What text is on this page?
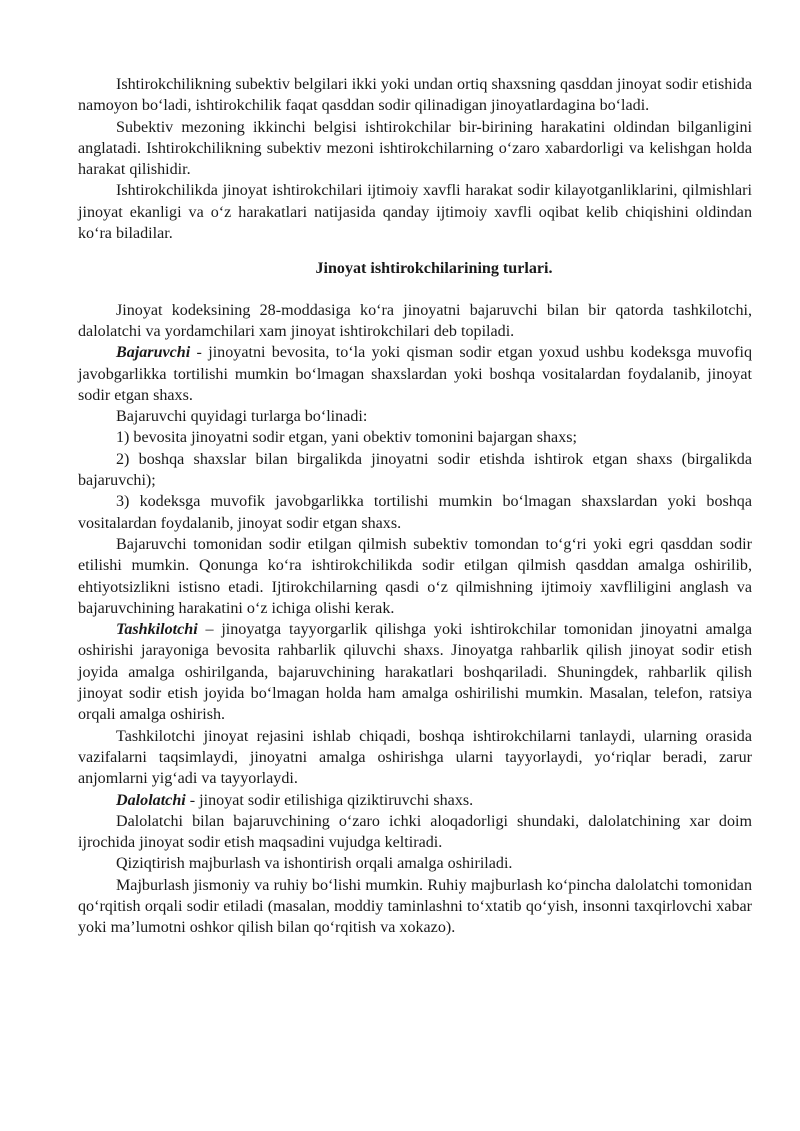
Ishtirokchilikning subektiv belgilari ikki yoki undan ortiq shaxsning qasddan jinoyat sodir etishida namoyon bo‘ladi, ishtirokchilik faqat qasddan sodir qilinadigan jinoyatlardagina bo‘ladi.

Subektiv mezoning ikkinchi belgisi ishtirokchilar bir-birining harakatini oldindan bilganligini anglatadi. Ishtirokchilikning subektiv mezoni ishtirokchilarning o‘zaro xabardorligi va kelishgan holda harakat qilishidir.

Ishtirokchilikda jinoyat ishtirokchilari ijtimoiy xavfli harakat sodir kilayotganliklarini, qilmishlari jinoyat ekanligi va o‘z harakatlari natijasida qanday ijtimoiy xavfli oqibat kelib chiqishini oldindan ko‘ra biladilar.

Jinoyat ishtirokchilarining turlari.

Jinoyat kodeksining 28-moddasiga ko‘ra jinoyatni bajaruvchi bilan bir qatorda tashkilotchi, dalolatchi va yordamchilari xam jinoyat ishtirokchilari deb topiladi.

Bajaruvchi - jinoyatni bevosita, to‘la yoki qisman sodir etgan yoxud ushbu kodeksga muvofiq javobgarlikka tortilishi mumkin bo‘lmagan shaxslardan yoki boshqa vositalardan foydalanib, jinoyat sodir etgan shaxs.

Bajaruvchi quyidagi turlarga bo‘linadi:

1) bevosita jinoyatni sodir etgan, yani obektiv tomonini bajargan shaxs;

2) boshqa shaxslar bilan birgalikda jinoyatni sodir etishda ishtirok etgan shaxs (birgalikda bajaruvchi);

3) kodeksga muvofik javobgarlikka tortilishi mumkin bo‘lmagan shaxslardan yoki boshqa vositalardan foydalanib, jinoyat sodir etgan shaxs.

Bajaruvchi tomonidan sodir etilgan qilmish subektiv tomondan to‘g‘ri yoki egri qasddan sodir etilishi mumkin. Qonunga ko‘ra ishtirokchilikda sodir etilgan qilmish qasddan amalga oshirilib, ehtiyotsizlikni istisno etadi. Ijtirokchilarning qasdi o‘z qilmishning ijtimoiy xavfliligini anglash va bajaruvchining harakatini o‘z ichiga olishi kerak.

Tashkilotchi – jinoyatga tayyorgarlik qilishga yoki ishtirokchilar tomonidan jinoyatni amalga oshirishi jarayoniga bevosita rahbarlik qiluvchi shaxs. Jinoyatga rahbarlik qilish jinoyat sodir etish joyida amalga oshirilganda, bajaruvchining harakatlari boshqariladi. Shuningdek, rahbarlik qilish jinoyat sodir etish joyida bo‘lmagan holda ham amalga oshirilishi mumkin. Masalan, telefon, ratsiya orqali amalga oshirish.

Tashkilotchi jinoyat rejasini ishlab chiqadi, boshqa ishtirokchilarni tanlaydi, ularning orasida vazifalarni taqsimlaydi, jinoyatni amalga oshirishga ularni tayyorlaydi, yo‘riqlar beradi, zarur anjomlarni yig‘adi va tayyorlaydi.

Dalolatchi - jinoyat sodir etilishiga qiziktiruvchi shaxs.

Dalolatchi bilan bajaruvchining o‘zaro ichki aloqadorligi shundaki, dalolatchining xar doim ijrochida jinoyat sodir etish maqsadini vujudga keltiradi.

Qiziqtirish majburlash va ishontirish orqali amalga oshiriladi.

Majburlash jismoniy va ruhiy bo‘lishi mumkin. Ruhiy majburlash ko‘pincha dalolatchi tomonidan qo‘rqitish orqali sodir etiladi (masalan, moddiy taminlashni to‘xtatib qo‘yish, insonni taxqirlovchi xabar yoki ma’lumotni oshkor qilish bilan qo‘rqitish va xokazo).
